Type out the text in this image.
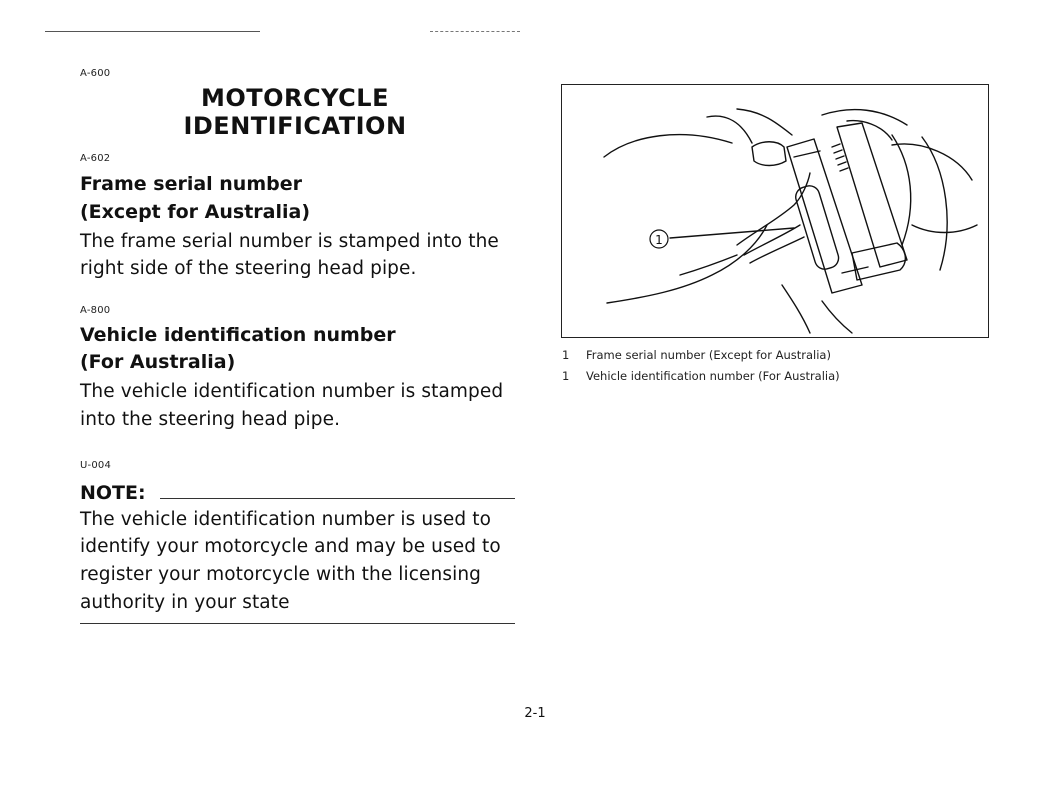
A-600
MOTORCYCLE
IDENTIFICATION
A-602
Frame serial number
(Except for Australia)
The frame serial number is stamped into the
right side of the steering head pipe.
A-800
Vehicle identification number
(For Australia)
The vehicle identification number is stamped
into the steering head pipe.
U-004
NOTE:
The vehicle identification number is used to
identify your motorcycle and may be used to
register your motorcycle with the licensing
authority in your state
1
1 Frame serial number (Except for Australia)
1 Vehicle identification number (For Australia)
2-1
